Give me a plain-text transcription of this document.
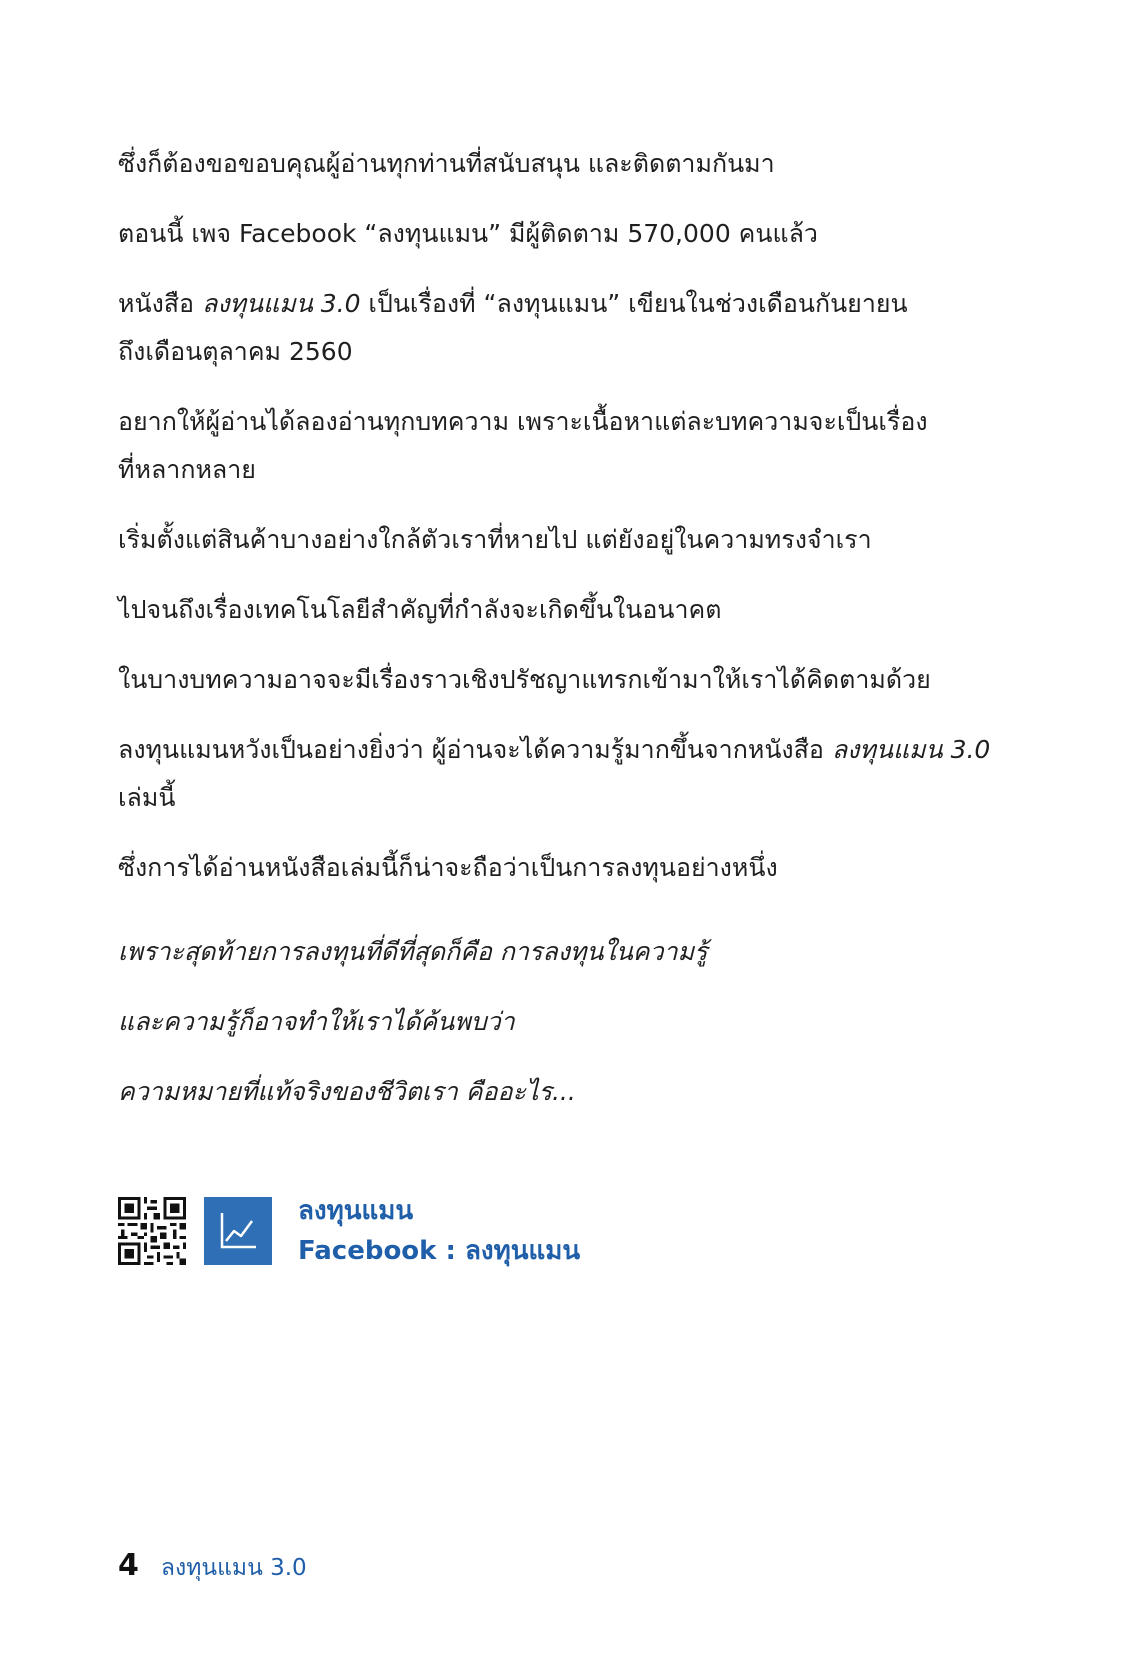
ซึ่งก็ต้องขอขอบคุณผู้อ่านทุกท่านที่สนับสนุน และติดตามกันมา

ตอนนี้ เพจ Facebook “ลงทุนแมน” มีผู้ติดตาม 570,000 คนแล้ว

หนังสือ ลงทุนแมน 3.0 เป็นเรื่องที่ “ลงทุนแมน” เขียนในช่วงเดือนกันยายน
ถึงเดือนตุลาคม 2560

อยากให้ผู้อ่านได้ลองอ่านทุกบทความ เพราะเนื้อหาแต่ละบทความจะเป็นเรื่อง
ที่หลากหลาย

เริ่มตั้งแต่สินค้าบางอย่างใกล้ตัวเราที่หายไป แต่ยังอยู่ในความทรงจำเรา

ไปจนถึงเรื่องเทคโนโลยีสำคัญที่กำลังจะเกิดขึ้นในอนาคต

ในบางบทความอาจจะมีเรื่องราวเชิงปรัชญาแทรกเข้ามาให้เราได้คิดตามด้วย

ลงทุนแมนหวังเป็นอย่างยิ่งว่า ผู้อ่านจะได้ความรู้มากขึ้นจากหนังสือ ลงทุนแมน 3.0
เล่มนี้

ซึ่งการได้อ่านหนังสือเล่มนี้ก็น่าจะถือว่าเป็นการลงทุนอย่างหนึ่ง

เพราะสุดท้ายการลงทุนที่ดีที่สุดก็คือ การลงทุนในความรู้

และความรู้ก็อาจทำให้เราได้ค้นพบว่า

ความหมายที่แท้จริงของชีวิตเรา คืออะไร...

ลงทุนแมน
Facebook : ลงทุนแมน
4 ลงทุนแมน 3.0
